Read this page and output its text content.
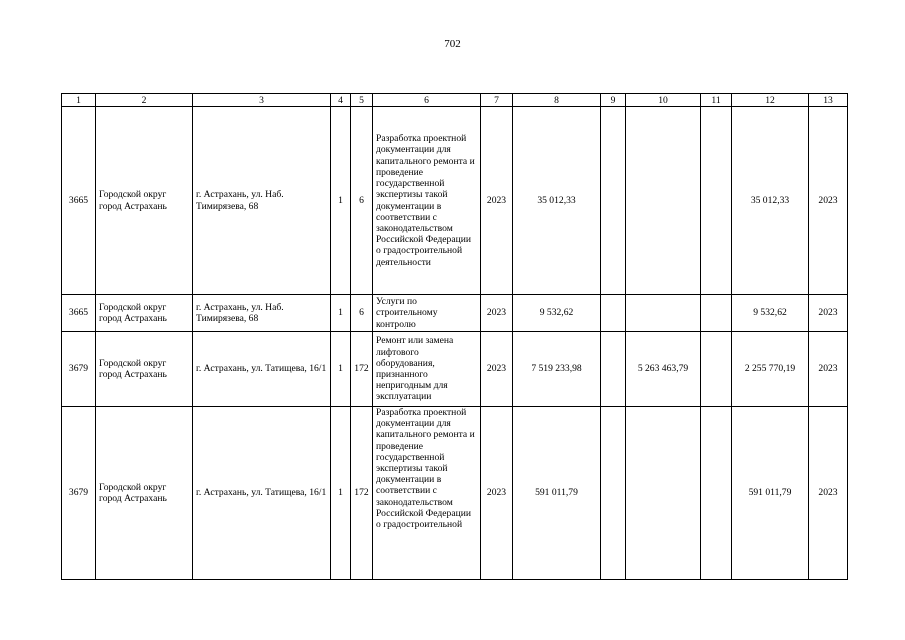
702
1	2	3	4	5	6	7	8	9	10	11	12	13
3665	Городской округ город Астрахань	г. Астрахань, ул. Наб. Тимирязева, 68	1	6	Разработка проектной документации для капитального ремонта и проведение государственной экспертизы такой документации в соответствии с законодательством Российской Федерации о градостроительной деятельности	2023	35 012,33				35 012,33	2023
3665	Городской округ город Астрахань	г. Астрахань, ул. Наб. Тимирязева, 68	1	6	Услуги по строительному контролю	2023	9 532,62				9 532,62	2023
3679	Городской округ город Астрахань	г. Астрахань, ул. Татищева, 16/1	1	172	Ремонт или замена лифтового оборудования, признанного непригодным для эксплуатации	2023	7 519 233,98		5 263 463,79		2 255 770,19	2023
3679	Городской округ город Астрахань	г. Астрахань, ул. Татищева, 16/1	1	172	Разработка проектной документации для капитального ремонта и проведение государственной экспертизы такой документации в соответствии с законодательством Российской Федерации о градостроительной	2023	591 011,79				591 011,79	2023
